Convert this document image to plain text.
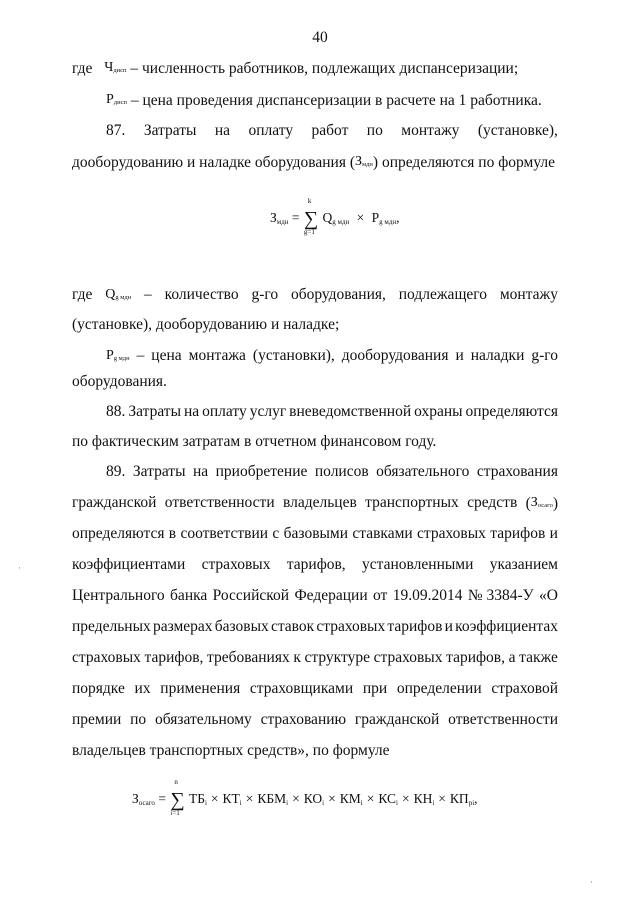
40
где $Ч_{дисп}$ – численность работников, подлежащих диспансеризации;
$Р_{дисп}$ – цена проведения диспансеризации в расчете на 1 работника.
87. Затраты на оплату работ по монтажу (установке),
дооборудованию и наладке оборудования $(З_{мдн})$ определяются по формуле
$З_{мдн}$ = ∑
k
g=1
$Q_{g мдн} \times P_{g мдн}$,
где $Q_{g мдн}$ – количество g-го оборудования, подлежащего монтажу
(установке), дооборудованию и наладке;
$P_{g мдн}$ – цена монтажа (установки), дооборудования и наладки g-го
оборудования.
88. Затраты на оплату услуг вневедомственной охраны определяются
по фактическим затратам в отчетном финансовом году.
89. Затраты на приобретение полисов обязательного страхования
гражданской ответственности владельцев транспортных средств $(З_{осаго})$
определяются в соответствии с базовыми ставками страховых тарифов и
коэффициентами страховых тарифов, установленными указанием
Центрального банка Российской Федерации от 19.09.2014 № 3384-У «О
предельных размерах базовых ставок страховых тарифов и коэффициентах
страховых тарифов, требованиях к структуре страховых тарифов, а также
порядке их применения страховщиками при определении страховой
премии по обязательному страхованию гражданской ответственности
владельцев транспортных средств», по формуле
$З_{осаго}$ = ∑
n
i=1
$ТБ_i \times КТ_i \times КБМ_i \times КО_i \times КМ_i \times КС_i \times КН_i \times КП_{pi}$,
·
·
